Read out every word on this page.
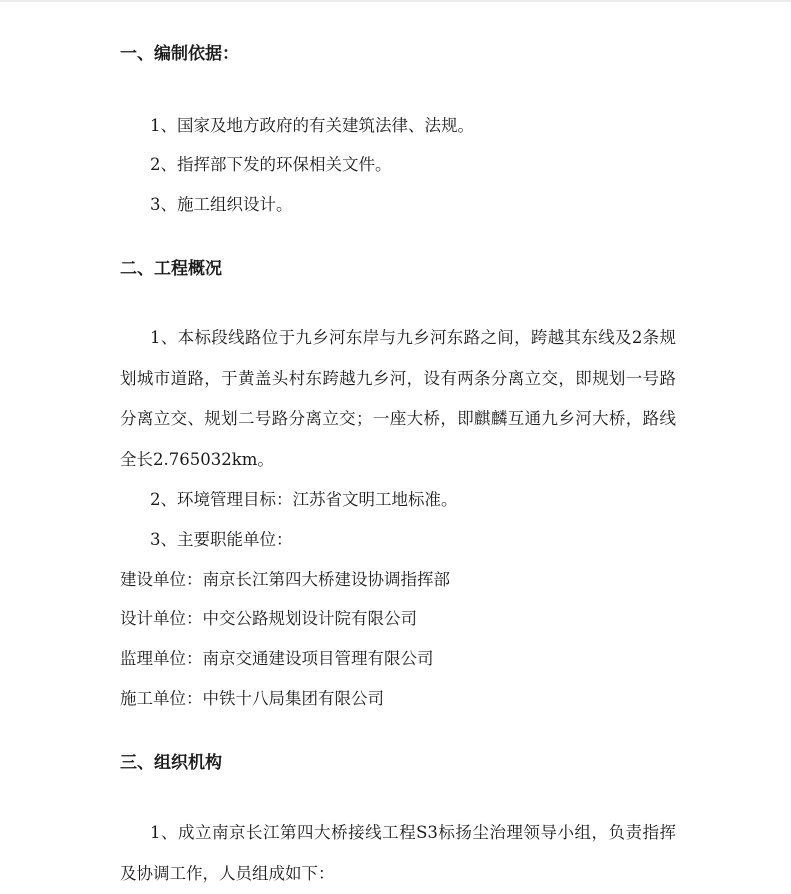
一、编制依据：
1、国家及地方政府的有关建筑法律、法规。
2、指挥部下发的环保相关文件。
3、施工组织设计。
二、工程概况
1、本标段线路位于九乡河东岸与九乡河东路之间，跨越其东线及2条规划城市道路，于黄盖头村东跨越九乡河，设有两条分离立交，即规划一号路分离立交、规划二号路分离立交；一座大桥，即麒麟互通九乡河大桥，路线全长2.765032km。
2、环境管理目标：江苏省文明工地标准。
3、主要职能单位：
建设单位：南京长江第四大桥建设协调指挥部
设计单位：中交公路规划设计院有限公司
监理单位：南京交通建设项目管理有限公司
施工单位：中铁十八局集团有限公司
三、组织机构
1、成立南京长江第四大桥接线工程S3标扬尘治理领导小组，负责指挥及协调工作，人员组成如下：
